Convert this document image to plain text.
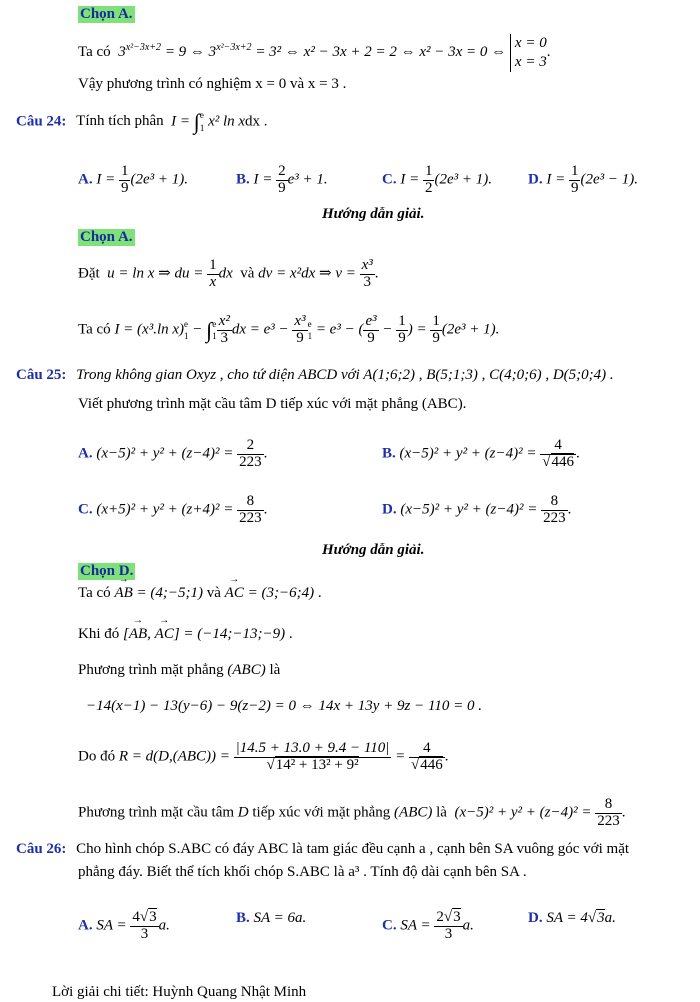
Chọn A.
Ta có  $3^{x^2-3x+2} = 9$ ⇔ $3^{x^2-3x+2} = 3^2$ ⇔ x² − 3x + 2 = 2 ⇔ x² − 3x = 0 ⇔
x = 0
x = 3
.
Vậy phương trình có nghiệm x = 0 và x = 3 .
Câu 24: Tính tích phân  I = ∫e
1 x² ln xdx .
A. $I = \frac{1}{9} (2e^3 + 1)$.	B. $I = \frac{2}{9} e^3 + 1$.	C. $I = \frac{1}{2} (2e^3 + 1)$. D. $I = \frac{1}{9} (2e^3 - 1)$.
Hướng dẫn giải.
Chọn A.
Đặt  u = ln x ⇒ du = $\frac{1}{x}$ dx  và dv = x²dx ⇒ $v = \frac{\text{x³}}{3}$ .
Ta có I = (x³.ln x)e
1 − ∫e
$1 \frac{\text{x²}}{3}$ dx = $e^3 - \frac{\text{x³}}{9}$ e
1 = e³ − ( $\frac{\text{e³}}{9} - \frac{1}{9}$ ) = $\frac{1}{9} (2e^3 + 1)$.
Câu 25: Trong không gian Oxyz , cho tứ diện ABCD với A(1;6;2) , B(5;1;3) , C(4;0;6) , D(5;0;4) .
Viết phương trình mặt cầu tâm D tiếp xúc với mặt phẳng (ABC).
A. $(x-5)^2 + y^2 + (z-4)^2 = \frac{2}{223}$ .	B. $(x-5)^2 + y^2 + (z-4)^2 = \frac{4}{√446}$ .
C. $(x+5)^2 + y^2 + (z+4)^2 = \frac{8}{223}$ .	D. $(x-5)^2 + y^2 + (z-4)^2 = \frac{8}{223}$ .
Hướng dẫn giải.
Chọn D.
Ta có → AB = (4;−5;1) và → AC = (3;−6;4) .
Khi đó [→ AB, → AC] = (−14;−13;−9) .
Phương trình mặt phẳng (ABC) là
−14(x−1) − 13(y−6) − 9(z−2) = 0 ⇔ 14x + 13y + 9z − 110 = 0 .
Do đó $R = d(D,(ABC)) = \frac{|14.5 + 13.0 + 9.4 - 110|}{\text{√14² + 13² + 9²}} = \frac{4}{√446}$ .
Phương trình mặt cầu tâm D tiếp xúc với mặt phẳng (ABC) là  $(x-5)^2 + y^2 + (z-4)^2 = \frac{8}{223}$ .
Câu 26: Cho hình chóp S.ABC có đáy ABC là tam giác đều cạnh a , cạnh bên SA vuông góc với mặt
phẳng đáy. Biết thể tích khối chóp S.ABC là a³ . Tính độ dài cạnh bên SA .
A. SA = $\frac{4√3}{3} a$.	B. SA = 6a.	C. SA = $\frac{2√3}{3} a$.	D. SA = 4√3a.
Lời giải chi tiết: Huỳnh Quang Nhật Minh
